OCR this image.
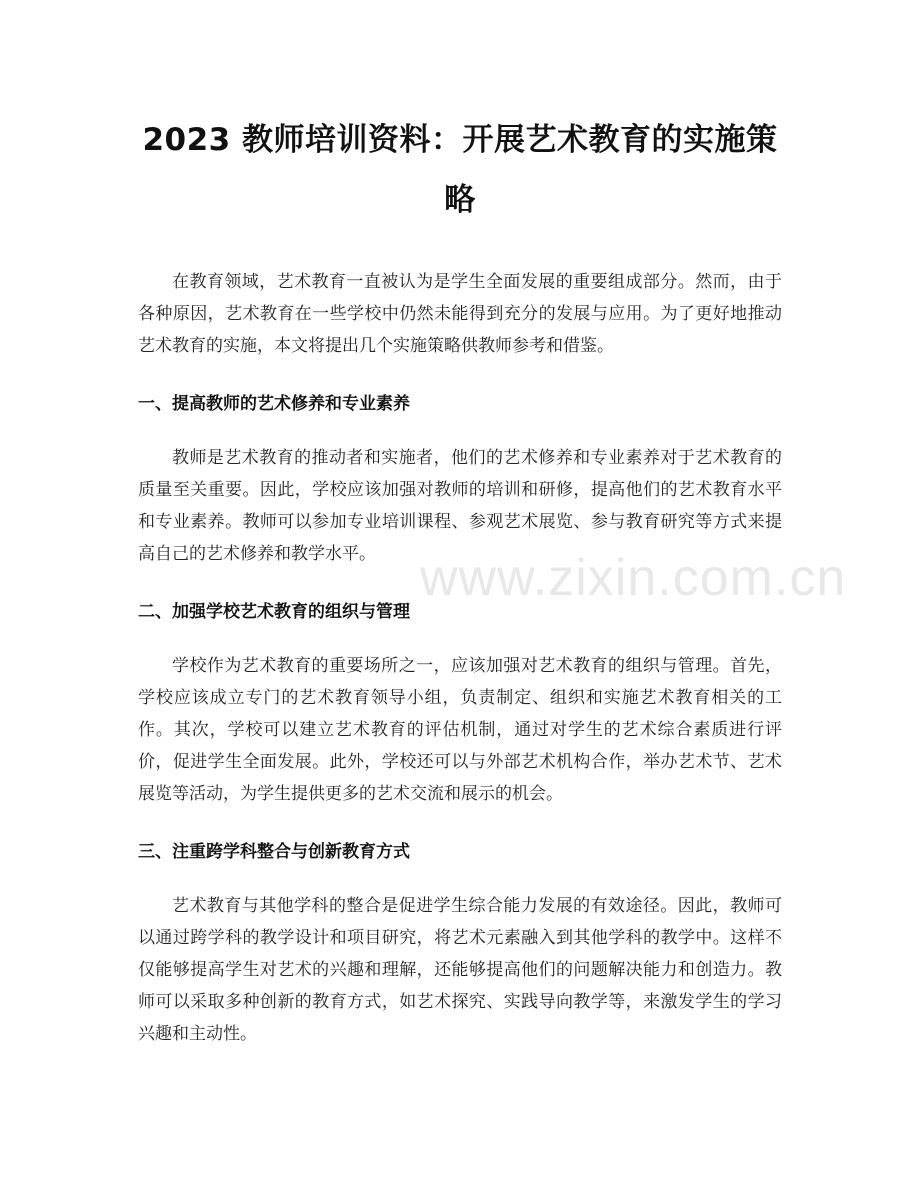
2023 教师培训资料：开展艺术教育的实施策略

在教育领域，艺术教育一直被认为是学生全面发展的重要组成部分。然而，由于各种原因，艺术教育在一些学校中仍然未能得到充分的发展与应用。为了更好地推动艺术教育的实施，本文将提出几个实施策略供教师参考和借鉴。

一、提高教师的艺术修养和专业素养

教师是艺术教育的推动者和实施者，他们的艺术修养和专业素养对于艺术教育的质量至关重要。因此，学校应该加强对教师的培训和研修，提高他们的艺术教育水平和专业素养。教师可以参加专业培训课程、参观艺术展览、参与教育研究等方式来提高自己的艺术修养和教学水平。

二、加强学校艺术教育的组织与管理

学校作为艺术教育的重要场所之一，应该加强对艺术教育的组织与管理。首先，学校应该成立专门的艺术教育领导小组，负责制定、组织和实施艺术教育相关的工作。其次，学校可以建立艺术教育的评估机制，通过对学生的艺术综合素质进行评价，促进学生全面发展。此外，学校还可以与外部艺术机构合作，举办艺术节、艺术展览等活动，为学生提供更多的艺术交流和展示的机会。

三、注重跨学科整合与创新教育方式

艺术教育与其他学科的整合是促进学生综合能力发展的有效途径。因此，教师可以通过跨学科的教学设计和项目研究，将艺术元素融入到其他学科的教学中。这样不仅能够提高学生对艺术的兴趣和理解，还能够提高他们的问题解决能力和创造力。教师可以采取多种创新的教育方式，如艺术探究、实践导向教学等，来激发学生的学习兴趣和主动性。

www.zixin.com.cn
